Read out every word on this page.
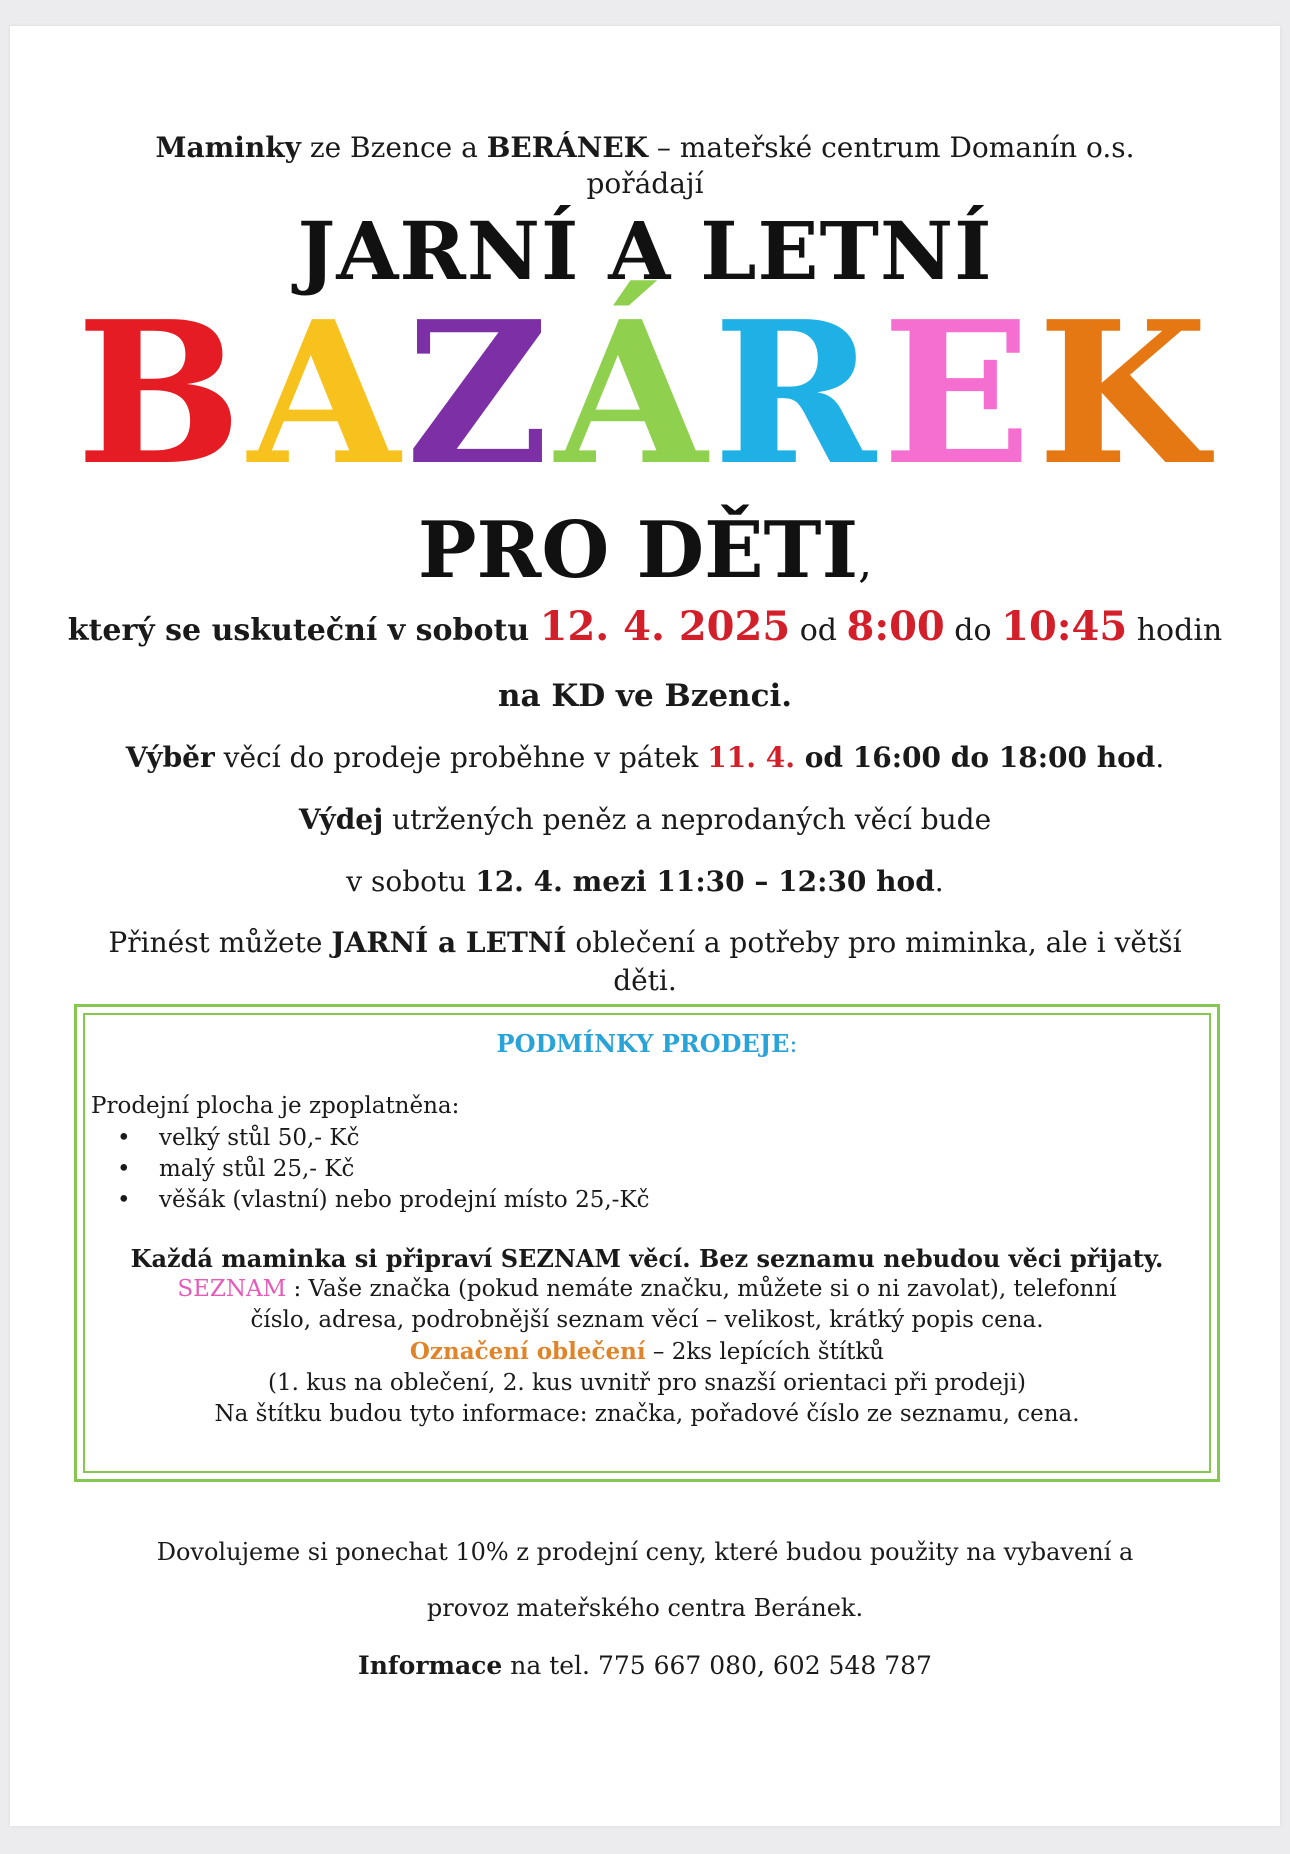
Maminky ze Bzence a BERÁNEK – mateřské centrum Domanín o.s.
pořádají
JARNÍ A LETNÍ
BAZÁREK
PRO DĚTI,
který se uskuteční v sobotu 12. 4. 2025 od 8:00 do 10:45 hodin
na KD ve Bzenci.
Výběr věcí do prodeje proběhne v pátek 11. 4. od 16:00 do 18:00 hod.
Výdej utržených peněz a neprodaných věcí bude
v sobotu 12. 4. mezi 11:30 – 12:30 hod.
Přinést můžete JARNÍ a LETNÍ oblečení a potřeby pro miminka, ale i větší děti.
PODMÍNKY PRODEJE:
Prodejní plocha je zpoplatněna:
• velký stůl 50,- Kč
• malý stůl 25,- Kč
• věšák (vlastní) nebo prodejní místo 25,-Kč
Každá maminka si připraví SEZNAM věcí. Bez seznamu nebudou věci přijaty.
SEZNAM : Vaše značka (pokud nemáte značku, můžete si o ni zavolat), telefonní
číslo, adresa, podrobnější seznam věcí – velikost, krátký popis cena.
Označení oblečení – 2ks lepících štítků
(1. kus na oblečení, 2. kus uvnitř pro snazší orientaci při prodeji)
Na štítku budou tyto informace: značka, pořadové číslo ze seznamu, cena.
Dovolujeme si ponechat 10% z prodejní ceny, které budou použity na vybavení a
provoz mateřského centra Beránek.
Informace na tel. 775 667 080, 602 548 787
